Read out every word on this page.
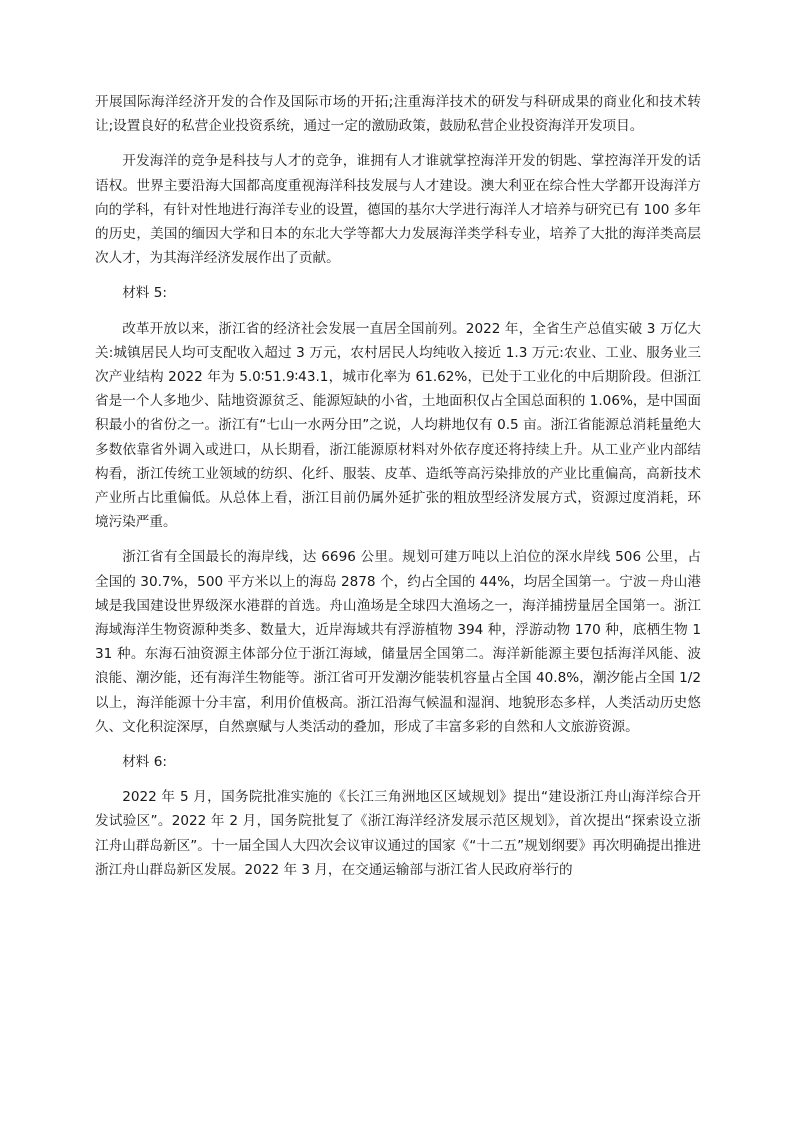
开展国际海洋经济开发的合作及国际市场的开拓;注重海洋技术的研发与科研成果的商业化和技术转让;设置良好的私营企业投资系统，通过一定的激励政策，鼓励私营企业投资海洋开发项目。

开发海洋的竞争是科技与人才的竞争，谁拥有人才谁就掌控海洋开发的钥匙、掌控海洋开发的话语权。世界主要沿海大国都高度重视海洋科技发展与人才建设。澳大利亚在综合性大学都开设海洋方向的学科，有针对性地进行海洋专业的设置，德国的基尔大学进行海洋人才培养与研究已有 100 多年的历史，美国的缅因大学和日本的东北大学等都大力发展海洋类学科专业，培养了大批的海洋类高层次人才，为其海洋经济发展作出了贡献。

材料 5:

改革开放以来，浙江省的经济社会发展一直居全国前列。2022 年，全省生产总值实破 3 万亿大关:城镇居民人均可支配收入超过 3 万元，农村居民人均纯收入接近 1.3 万元:农业、工业、服务业三次产业结构 2022 年为 5.0∶51.9∶43.1，城市化率为 61.62%，已处于工业化的中后期阶段。但浙江省是一个人多地少、陆地资源贫乏、能源短缺的小省，土地面积仅占全国总面积的 1.06%，是中国面积最小的省份之一。浙江有“七山一水两分田”之说，人均耕地仅有 0.5 亩。浙江省能源总消耗量绝大多数依靠省外调入或进口，从长期看，浙江能源原材料对外依存度还将持续上升。从工业产业内部结构看，浙江传统工业领域的纺织、化纤、服装、皮革、造纸等高污染排放的产业比重偏高，高新技术产业所占比重偏低。从总体上看，浙江目前仍属外延扩张的粗放型经济发展方式，资源过度消耗，环境污染严重。

浙江省有全国最长的海岸线，达 6696 公里。规划可建万吨以上泊位的深水岸线 506 公里，占全国的 30.7%，500 平方米以上的海岛 2878 个，约占全国的 44%，均居全国第一。宁波－舟山港域是我国建设世界级深水港群的首选。舟山渔场是全球四大渔场之一，海洋捕捞量居全国第一。浙江海域海洋生物资源种类多、数量大，近岸海域共有浮游植物 394 种，浮游动物 170 种，底栖生物 131 种。东海石油资源主体部分位于浙江海域，储量居全国第二。海洋新能源主要包括海洋风能、波浪能、潮汐能，还有海洋生物能等。浙江省可开发潮汐能装机容量占全国 40.8%，潮汐能占全国 1/2 以上，海洋能源十分丰富，利用价值极高。浙江沿海气候温和湿润、地貌形态多样，人类活动历史悠久、文化积淀深厚，自然禀赋与人类活动的叠加，形成了丰富多彩的自然和人文旅游资源。

材料 6:

2022 年 5 月，国务院批准实施的《长江三角洲地区区域规划》提出“建设浙江舟山海洋综合开发试验区”。2022 年 2 月，国务院批复了《浙江海洋经济发展示范区规划》，首次提出“探索设立浙江舟山群岛新区”。十一届全国人大四次会议审议通过的国家《“十二五”规划纲要》再次明确提出推进浙江舟山群岛新区发展。2022 年 3 月，在交通运输部与浙江省人民政府举行的
